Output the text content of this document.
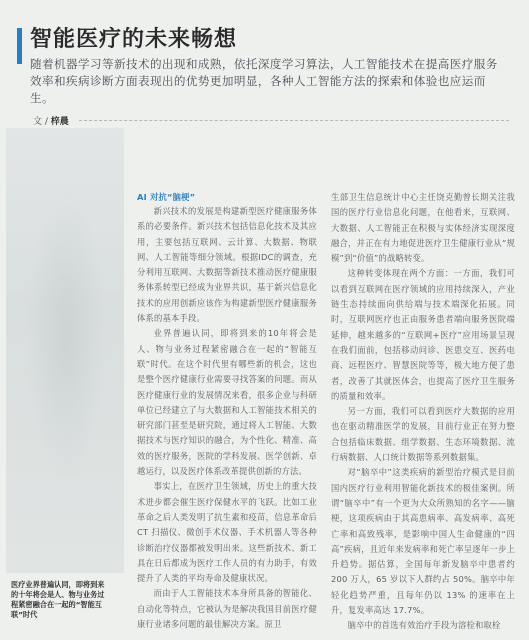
智能医疗的未来畅想
随着机器学习等新技术的出现和成熟，依托深度学习算法，人工智能技术在提高医疗服务效率和疾病诊断方面表现出的优势更加明显，各种人工智能方法的探索和体验也应运而生。
文 / 梓晨
医疗业界普遍认同，即将到来的十年将会是人、物与业务过程紧密融合在一起的“智能互联”时代

AI 对抗“脑梗”

新兴技术的发展是构建新型医疗健康服务体系的必要条件。新兴技术包括信息化技术及其应用，主要包括互联网、云计算、大数据、物联网、人工智能等细分领域。根据IDC的调查，充分利用互联网、大数据等新技术推动医疗健康服务体系转型已经成为业界共识，基于新兴信息化技术的应用创新应该作为构建新型医疗健康服务体系的基本手段。

业界普遍认同，即将到来的10年将会是人、物与业务过程紧密融合在一起的“智能互联”时代。在这个时代里有哪些新的机会，这也是整个医疗健康行业需要寻找答案的问题。而从医疗健康行业的发展情况来看，很多企业与科研单位已经建立了与大数据和人工智能技术相关的研究部门甚至是研究院，通过将人工智能、大数据技术与医疗知识的融合，为个性化、精准、高效的医疗服务，医院的学科发展、医学创新、卓越运行，以及医疗体系改革提供创新的方法。

事实上，在医疗卫生领域，历史上的重大技术进步都会催生医疗保健水平的飞跃。比如工业革命之后人类发明了抗生素和疫苗，信息革命后 CT 扫描仪、微创手术仪器、手术机器人等各种诊断治疗仪器都被发明出来。这些新技术、新工具在日后都成为医疗工作人员的有力助手，有效提升了人类的平均寿命及健康状况。

而由于人工智能技术本身所具备的智能化、自动化等特点，它被认为是解决我国目前医疗健康行业诸多问题的最佳解决方案。原卫

生部卫生信息统计中心主任饶克勤曾长期关注我国的医疗行业信息化问题，在他看来，互联网、大数据、人工智能正在积极与实体经济实现深度融合，并正在有力地促进医疗卫生健康行业从“规模”到“价值”的战略转变。

这种转变体现在两个方面：一方面，我们可以看到互联网在医疗领域的应用持续深入，产业链生态持续面向供给端与技术端深化拓展。同时，互联网医疗也正由服务患者端向服务医院端延伸，越来越多的“互联网+医疗”应用场景呈现在我们面前，包括移动问诊、医患交互、医药电商、远程医疗、智慧医院等等，极大地方便了患者，改善了其就医体会，也提高了医疗卫生服务的质量和效率。

另一方面，我们可以看到医疗大数据的应用也在驱动精准医学的发展，目前行业正在努力整合包括临床数据、组学数据、生态环境数据、流行病数据、人口统计数据等系列数据集。

对“脑卒中”这类疾病的新型治疗模式是目前国内医疗行业利用智能化新技术的极佳案例。所谓“脑卒中”有一个更为大众所熟知的名字——脑梗，这项疾病由于其高患病率、高发病率、高死亡率和高致残率，是影响中国人生命健康的“四高”疾病，且近年来发病率和死亡率呈逐年一步上升趋势。据估算，全国每年新发脑卒中患者约 200 万人，65 岁以下人群约占 50%。脑卒中年轻化趋势严重，且每年仍以 13% 的速率在上升，复发率高达 17.7%。

脑卒中的首选有效治疗手段为溶栓和取栓
